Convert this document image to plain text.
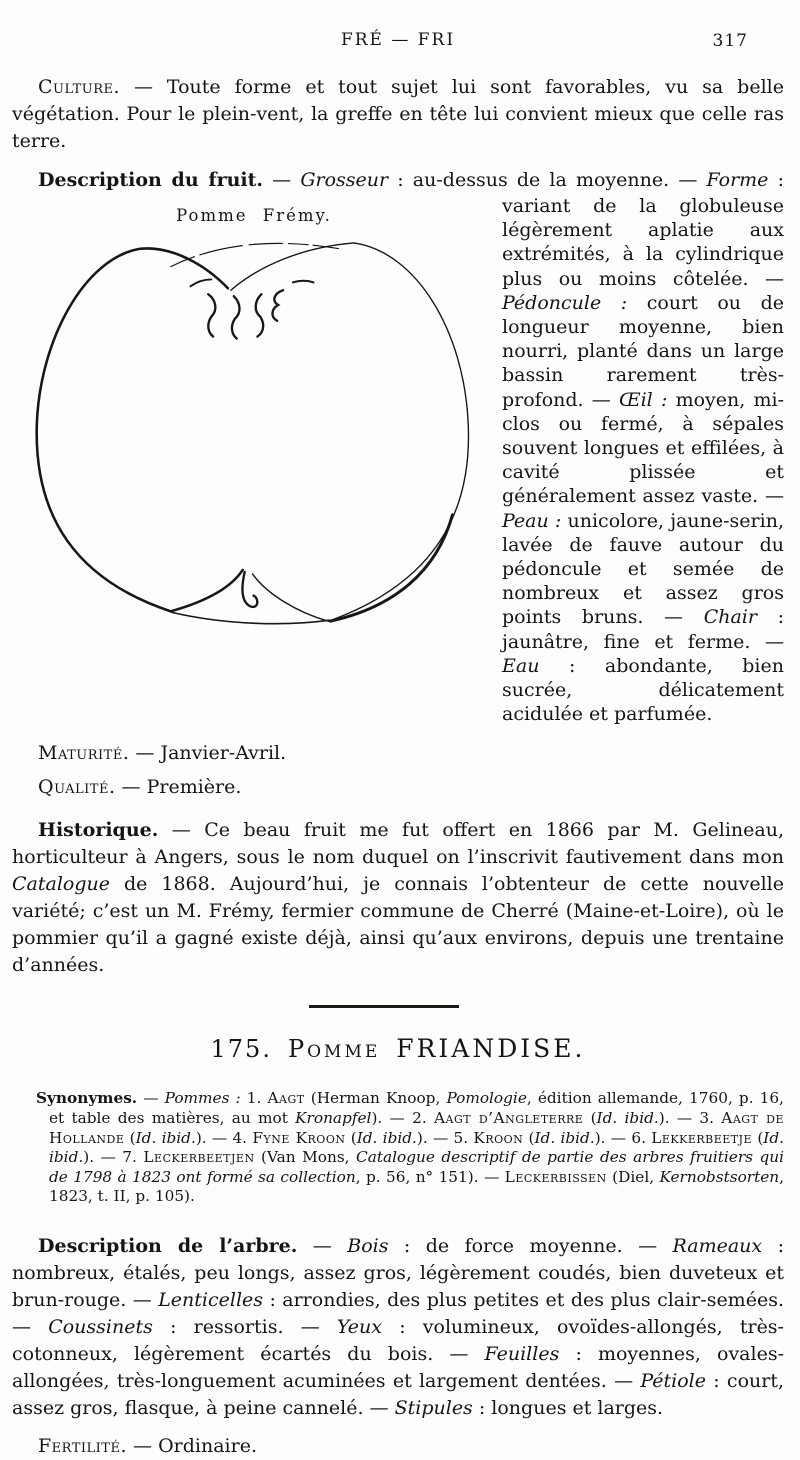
FRÉ — FRI	317

Culture. — Toute forme et tout sujet lui sont favorables, vu sa belle végétation. Pour le plein-vent, la greffe en tête lui convient mieux que celle ras terre.

Description du fruit. — Grosseur : au-dessus de la moyenne. — Forme :

Pomme Frémy.	variant de la globuleuse légèrement aplatie aux extrémités, à la cylindrique plus ou moins côtelée. — Pédoncule : court ou de longueur moyenne, bien nourri, planté dans un large bassin rarement très-profond. — Œil : moyen, mi-clos ou fermé, à sépales souvent longues et effilées, à cavité plissée et généralement assez vaste. — Peau : unicolore, jaune-serin, lavée de fauve autour du pédoncule et semée de nombreux et assez gros points bruns. — Chair : jaunâtre, fine et ferme. — Eau : abondante, bien sucrée, délicatement acidulée et parfumée.

Maturité. — Janvier-Avril.

Qualité. — Première.

Historique. — Ce beau fruit me fut offert en 1866 par M. Gelineau, horticulteur à Angers, sous le nom duquel on l’inscrivit fautivement dans mon Catalogue de 1868. Aujourd’hui, je connais l’obtenteur de cette nouvelle variété; c’est un M. Frémy, fermier commune de Cherré (Maine-et-Loire), où le pommier qu’il a gagné existe déjà, ainsi qu’aux environs, depuis une trentaine d’années.

175. Pomme FRIANDISE.

Synonymes. — Pommes : 1. Aagt (Herman Knoop, Pomologie, édition allemande, 1760, p. 16, et table des matières, au mot Kronapfel). — 2. Aagt d’Angleterre (Id. ibid.). — 3. Aagt de Hollande (Id. ibid.). — 4. Fyne Kroon (Id. ibid.). — 5. Kroon (Id. ibid.). — 6. Lekkerbeetje (Id. ibid.). — 7. Leckerbeetjen (Van Mons, Catalogue descriptif de partie des arbres fruitiers qui de 1798 à 1823 ont formé sa collection, p. 56, n° 151). — Leckerbissen (Diel, Kernobstsorten, 1823, t. II, p. 105).

Description de l’arbre. — Bois : de force moyenne. — Rameaux : nombreux, étalés, peu longs, assez gros, légèrement coudés, bien duveteux et brun-rouge. — Lenticelles : arrondies, des plus petites et des plus clair-semées. — Coussinets : ressortis. — Yeux : volumineux, ovoïdes-allongés, très-cotonneux, légèrement écartés du bois. — Feuilles : moyennes, ovales-allongées, très-longuement acuminées et largement dentées. — Pétiole : court, assez gros, flasque, à peine cannelé. — Stipules : longues et larges.

Fertilité. — Ordinaire.
